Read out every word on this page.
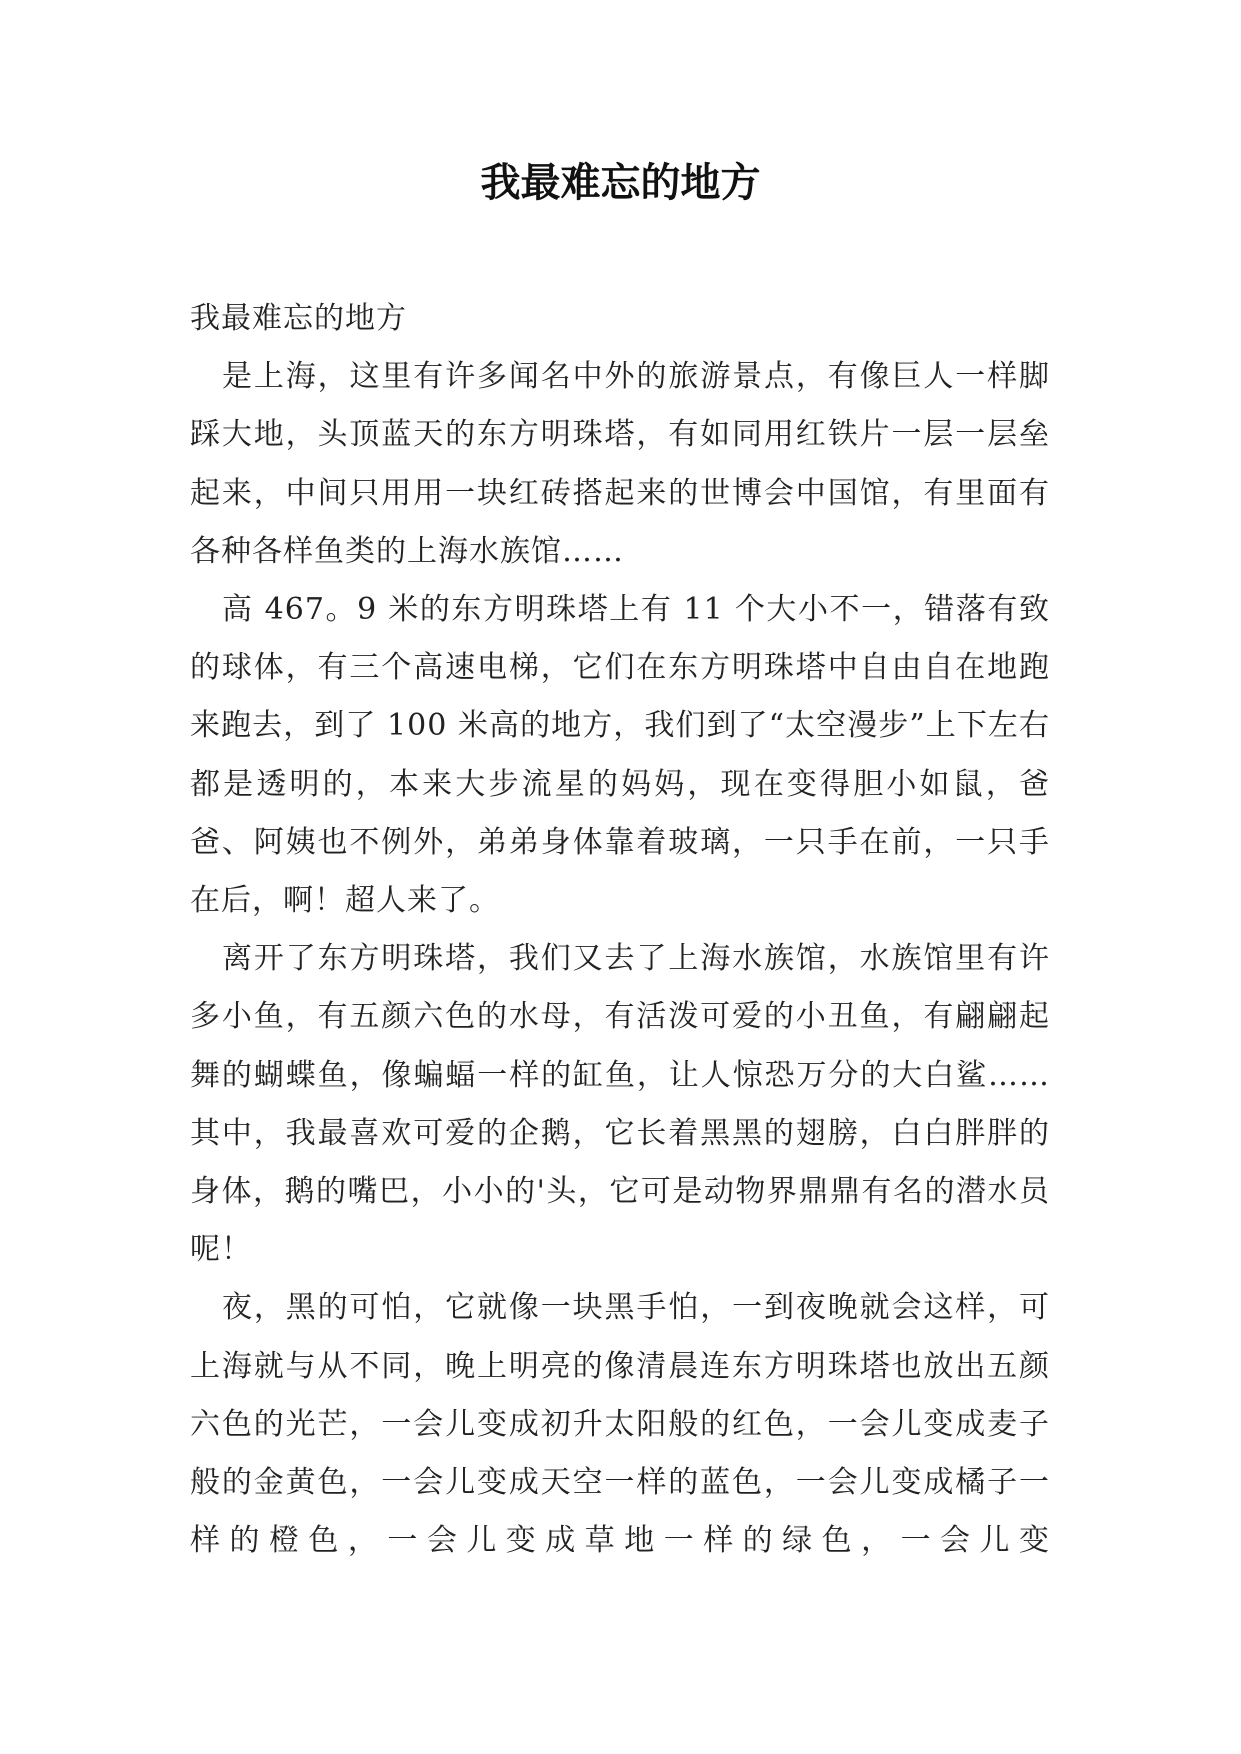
我最难忘的地方

我最难忘的地方

是上海，这里有许多闻名中外的旅游景点，有像巨人一样脚踩大地，头顶蓝天的东方明珠塔，有如同用红铁片一层一层垒起来，中间只用用一块红砖搭起来的世博会中国馆，有里面有各种各样鱼类的上海水族馆……

高 467。9 米的东方明珠塔上有 11 个大小不一，错落有致的球体，有三个高速电梯，它们在东方明珠塔中自由自在地跑来跑去，到了 100 米高的地方，我们到了“太空漫步”上下左右都是透明的，本来大步流星的妈妈，现在变得胆小如鼠，爸爸、阿姨也不例外，弟弟身体靠着玻璃，一只手在前，一只手在后，啊！超人来了。

离开了东方明珠塔，我们又去了上海水族馆，水族馆里有许多小鱼，有五颜六色的水母，有活泼可爱的小丑鱼，有翩翩起舞的蝴蝶鱼，像蝙蝠一样的缸鱼，让人惊恐万分的大白鲨……其中，我最喜欢可爱的企鹅，它长着黑黑的翅膀，白白胖胖的身体，鹅的嘴巴，小小的'头，它可是动物界鼎鼎有名的潜水员呢！

夜，黑的可怕，它就像一块黑手怕，一到夜晚就会这样，可上海就与从不同，晚上明亮的像清晨连东方明珠塔也放出五颜六色的光芒，一会儿变成初升太阳般的红色，一会儿变成麦子般的金黄色，一会儿变成天空一样的蓝色，一会儿变成橘子一样的橙色，一会儿变成草地一样的绿色，一会儿变
